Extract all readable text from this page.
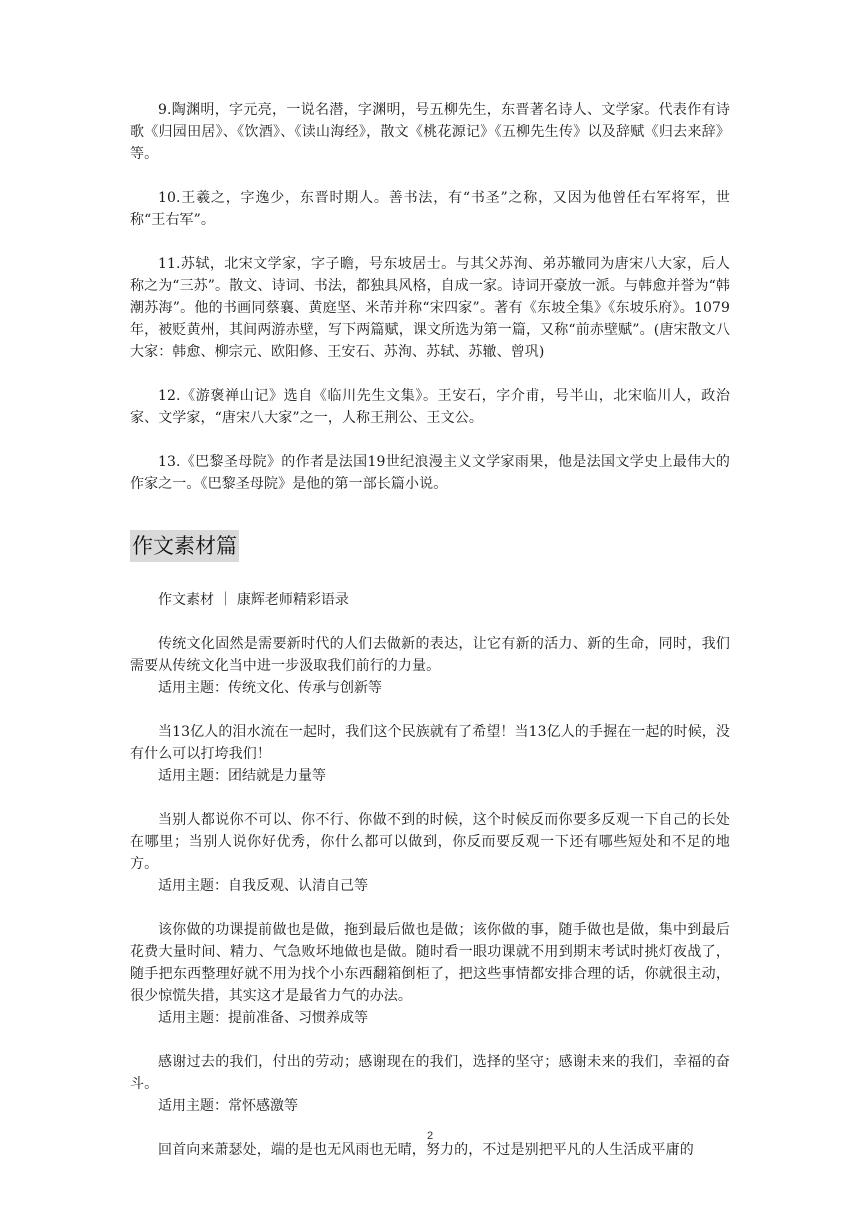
9.陶渊明，字元亮，一说名潜，字渊明，号五柳先生，东晋著名诗人、文学家。代表作有诗歌《归园田居》、《饮酒》、《读山海经》，散文《桃花源记》《五柳先生传》以及辞赋《归去来辞》等。

10.王羲之，字逸少，东晋时期人。善书法，有“书圣”之称，又因为他曾任右军将军，世称“王右军”。

11.苏轼，北宋文学家，字子瞻，号东坡居士。与其父苏洵、弟苏辙同为唐宋八大家，后人称之为“三苏”。散文、诗词、书法，都独具风格，自成一家。诗词开豪放一派。与韩愈并誉为“韩潮苏海”。他的书画同蔡襄、黄庭坚、米芾并称“宋四家”。著有《东坡全集》《东坡乐府》。1079年，被贬黄州，其间两游赤壁，写下两篇赋，课文所选为第一篇，又称“前赤壁赋”。(唐宋散文八大家：韩愈、柳宗元、欧阳修、王安石、苏洵、苏轼、苏辙、曾巩)

12.《游褒禅山记》选自《临川先生文集》。王安石，字介甫，号半山，北宋临川人，政治家、文学家，“唐宋八大家”之一，人称王荆公、王文公。

13.《巴黎圣母院》的作者是法国19世纪浪漫主义文学家雨果，他是法国文学史上最伟大的作家之一。《巴黎圣母院》是他的第一部长篇小说。

作文素材篇

作文素材 ｜ 康辉老师精彩语录

传统文化固然是需要新时代的人们去做新的表达，让它有新的活力、新的生命，同时，我们需要从传统文化当中进一步汲取我们前行的力量。

适用主题：传统文化、传承与创新等

当13亿人的泪水流在一起时，我们这个民族就有了希望！当13亿人的手握在一起的时候，没有什么可以打垮我们！

适用主题：团结就是力量等

当别人都说你不可以、你不行、你做不到的时候，这个时候反而你要多反观一下自己的长处在哪里；当别人说你好优秀，你什么都可以做到，你反而要反观一下还有哪些短处和不足的地方。

适用主题：自我反观、认清自己等

该你做的功课提前做也是做，拖到最后做也是做；该你做的事，随手做也是做，集中到最后花费大量时间、精力、气急败坏地做也是做。随时看一眼功课就不用到期末考试时挑灯夜战了，随手把东西整理好就不用为找个小东西翻箱倒柜了，把这些事情都安排合理的话，你就很主动，很少惊慌失措，其实这才是最省力气的办法。

适用主题：提前准备、习惯养成等

感谢过去的我们，付出的劳动；感谢现在的我们，选择的坚守；感谢未来的我们，幸福的奋斗。

适用主题：常怀感激等

回首向来萧瑟处，端的是也无风雨也无晴，努力的，不过是别把平凡的人生活成平庸的

2
